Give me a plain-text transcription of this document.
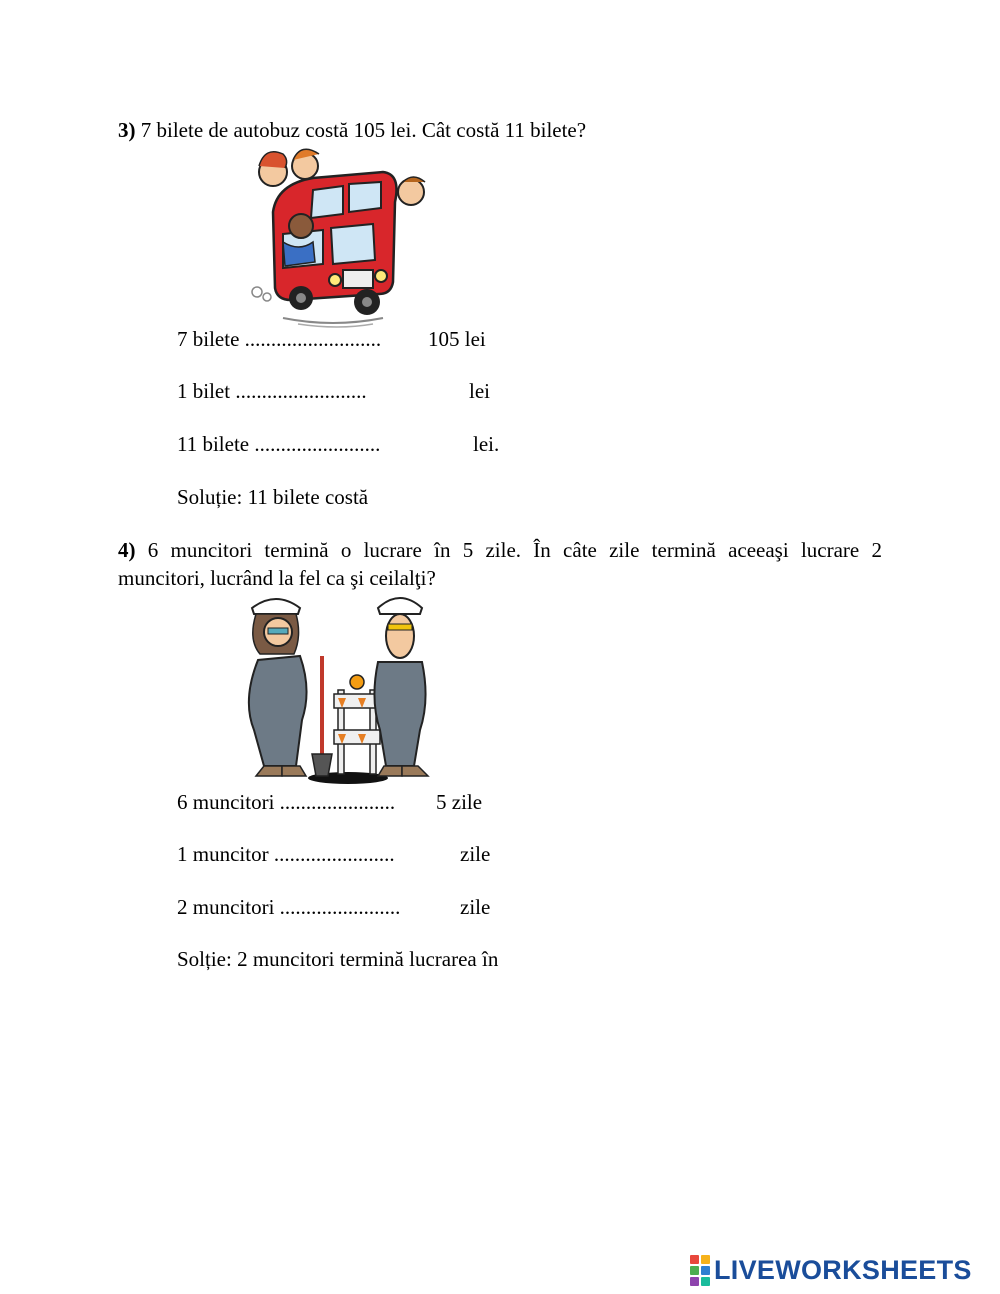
3) 7 bilete de autobuz costă 105 lei. Cât costă 11 bilete?
7 bilete .......................... 105 lei
1 bilet .........................	lei
11 bilete ........................	lei.
Soluție: 11 bilete costă
4) 6 muncitori termină o lucrare în 5 zile. În câte zile termină aceeaşi lucrare 2
muncitori, lucrând la fel ca şi ceilalţi?
6 muncitori ...................... 5 zile
1 muncitor .......................	zile
2 muncitori .......................	zile
Solție: 2 muncitori termină lucrarea în
LIVEWORKSHEETS
